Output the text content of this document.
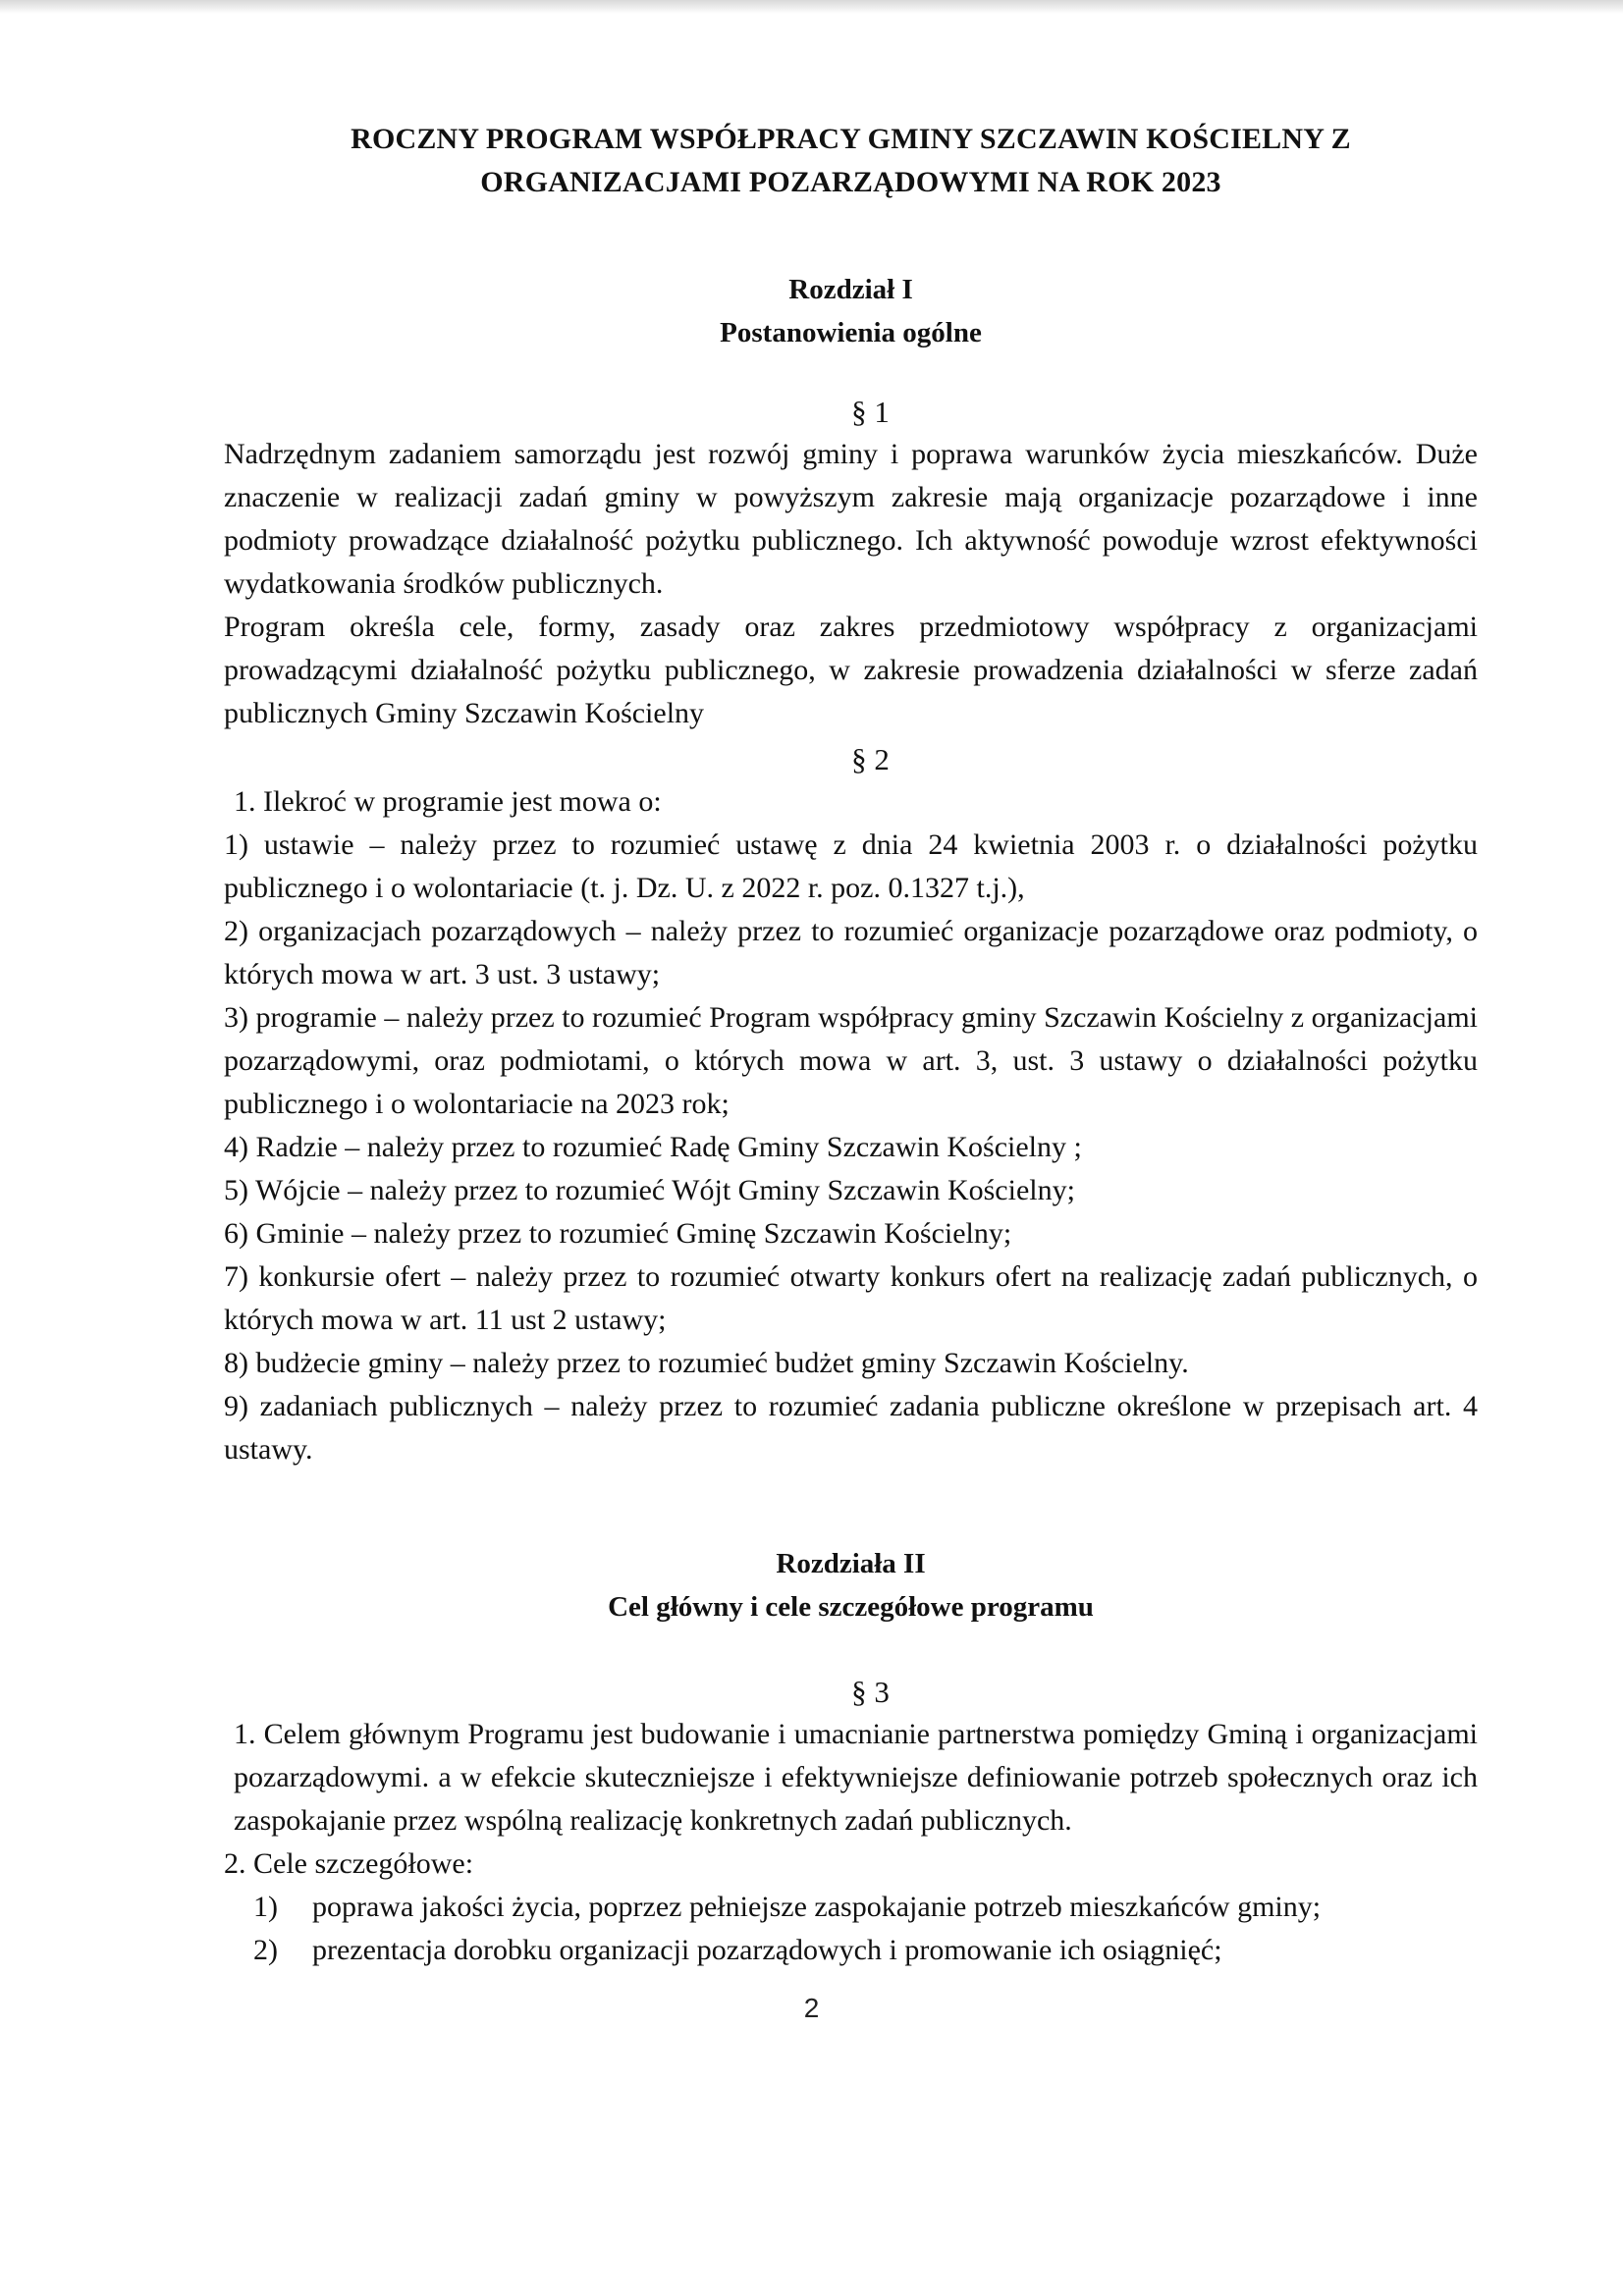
ROCZNY PROGRAM WSPÓŁPRACY GMINY SZCZAWIN KOŚCIELNY Z

ORGANIZACJAMI POZARZĄDOWYMI NA ROK 2023

Rozdział I

Postanowienia ogólne

§ 1

Nadrzędnym zadaniem samorządu jest rozwój gminy i poprawa warunków życia mieszkańców. Duże znaczenie w realizacji zadań gminy w powyższym zakresie mają organizacje pozarządowe i inne podmioty prowadzące działalność pożytku publicznego. Ich aktywność powoduje wzrost efektywności wydatkowania środków publicznych.

Program określa cele, formy, zasady oraz zakres przedmiotowy współpracy z organizacjami prowadzącymi działalność pożytku publicznego, w zakresie prowadzenia działalności w sferze zadań publicznych Gminy Szczawin Kościelny

§ 2

1. Ilekroć w programie jest mowa o:

1) ustawie – należy przez to rozumieć ustawę z dnia 24 kwietnia 2003 r. o działalności pożytku publicznego i o wolontariacie (t. j. Dz. U. z 2022 r. poz. 0.1327 t.j.),

2) organizacjach pozarządowych – należy przez to rozumieć organizacje pozarządowe oraz podmioty, o których mowa w art. 3 ust. 3 ustawy;

3) programie – należy przez to rozumieć Program współpracy gminy Szczawin Kościelny z organizacjami pozarządowymi, oraz podmiotami, o których mowa w art. 3, ust. 3 ustawy o działalności pożytku publicznego i o wolontariacie na 2023 rok;

4) Radzie – należy przez to rozumieć Radę Gminy Szczawin Kościelny ;

5) Wójcie – należy przez to rozumieć Wójt Gminy Szczawin Kościelny;

6) Gminie – należy przez to rozumieć Gminę Szczawin Kościelny;

7) konkursie ofert – należy przez to rozumieć otwarty konkurs ofert na realizację zadań publicznych, o których mowa w art. 11 ust 2 ustawy;

8) budżecie gminy – należy przez to rozumieć budżet gminy Szczawin Kościelny.

9) zadaniach publicznych – należy przez to rozumieć zadania publiczne określone w przepisach art. 4 ustawy.

Rozdziała II

Cel główny i cele szczegółowe programu

§ 3

1. Celem głównym Programu jest budowanie i umacnianie partnerstwa pomiędzy Gminą i organizacjami pozarządowymi. a w efekcie skuteczniejsze i efektywniejsze definiowanie potrzeb społecznych oraz ich zaspokajanie przez wspólną realizację konkretnych zadań publicznych.

2. Cele szczegółowe:

1)	poprawa jakości życia, poprzez pełniejsze zaspokajanie potrzeb mieszkańców gminy;
2)	prezentacja dorobku organizacji pozarządowych i promowanie ich osiągnięć;
2
